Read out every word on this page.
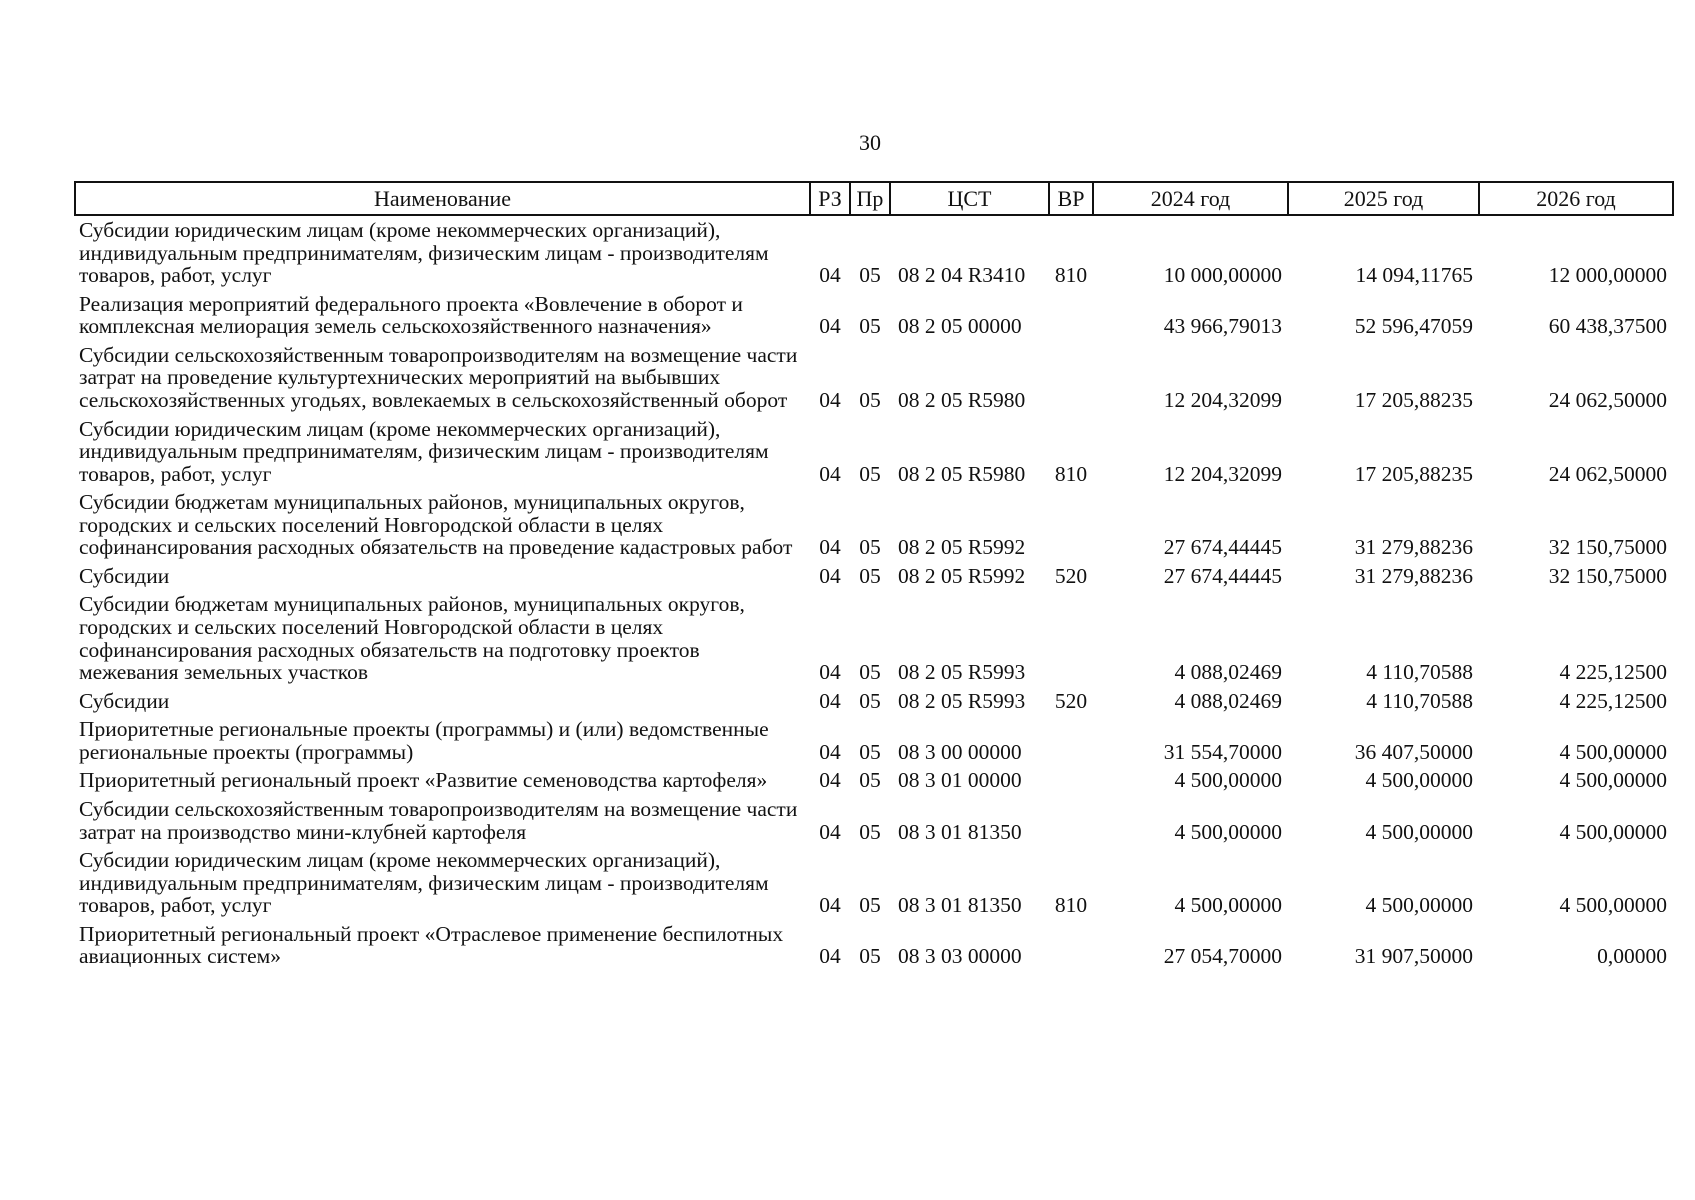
30
Наименование	РЗ	Пр	ЦСТ	ВР	2024 год	2025 год	2026 год
Субсидии юридическим лицам (кроме некоммерческих организаций), индивидуальным предпринимателям, физическим лицам - производителям товаров, работ, услуг	04	05	08 2 04 R3410	810	10 000,00000	14 094,11765	12 000,00000
Реализация мероприятий федерального проекта «Вовлечение в оборот и комплексная мелиорация земель сельскохозяйственного назначения»	04	05	08 2 05 00000		43 966,79013	52 596,47059	60 438,37500
Субсидии сельскохозяйственным товаропроизводителям на возмещение части затрат на проведение культуртехнических мероприятий на выбывших сельскохозяйственных угодьях, вовлекаемых в сельскохозяйственный оборот	04	05	08 2 05 R5980		12 204,32099	17 205,88235	24 062,50000
Субсидии юридическим лицам (кроме некоммерческих организаций), индивидуальным предпринимателям, физическим лицам - производителям товаров, работ, услуг	04	05	08 2 05 R5980	810	12 204,32099	17 205,88235	24 062,50000
Субсидии бюджетам муниципальных районов, муниципальных округов, городских и сельских поселений Новгородской области в целях софинансирования расходных обязательств на проведение кадастровых работ	04	05	08 2 05 R5992		27 674,44445	31 279,88236	32 150,75000
Субсидии	04	05	08 2 05 R5992	520	27 674,44445	31 279,88236	32 150,75000
Субсидии бюджетам муниципальных районов, муниципальных округов, городских и сельских поселений Новгородской области в целях софинансирования расходных обязательств на подготовку проектов межевания земельных участков	04	05	08 2 05 R5993		4 088,02469	4 110,70588	4 225,12500
Субсидии	04	05	08 2 05 R5993	520	4 088,02469	4 110,70588	4 225,12500
Приоритетные региональные проекты (программы) и (или) ведомственные региональные проекты (программы)	04	05	08 3 00 00000		31 554,70000	36 407,50000	4 500,00000
Приоритетный региональный проект «Развитие семеноводства картофеля»	04	05	08 3 01 00000		4 500,00000	4 500,00000	4 500,00000
Субсидии сельскохозяйственным товаропроизводителям на возмещение части затрат на производство мини-клубней картофеля	04	05	08 3 01 81350		4 500,00000	4 500,00000	4 500,00000
Субсидии юридическим лицам (кроме некоммерческих организаций), индивидуальным предпринимателям, физическим лицам - производителям товаров, работ, услуг	04	05	08 3 01 81350	810	4 500,00000	4 500,00000	4 500,00000
Приоритетный региональный проект «Отраслевое применение беспилотных авиационных систем»	04	05	08 3 03 00000		27 054,70000	31 907,50000	0,00000
